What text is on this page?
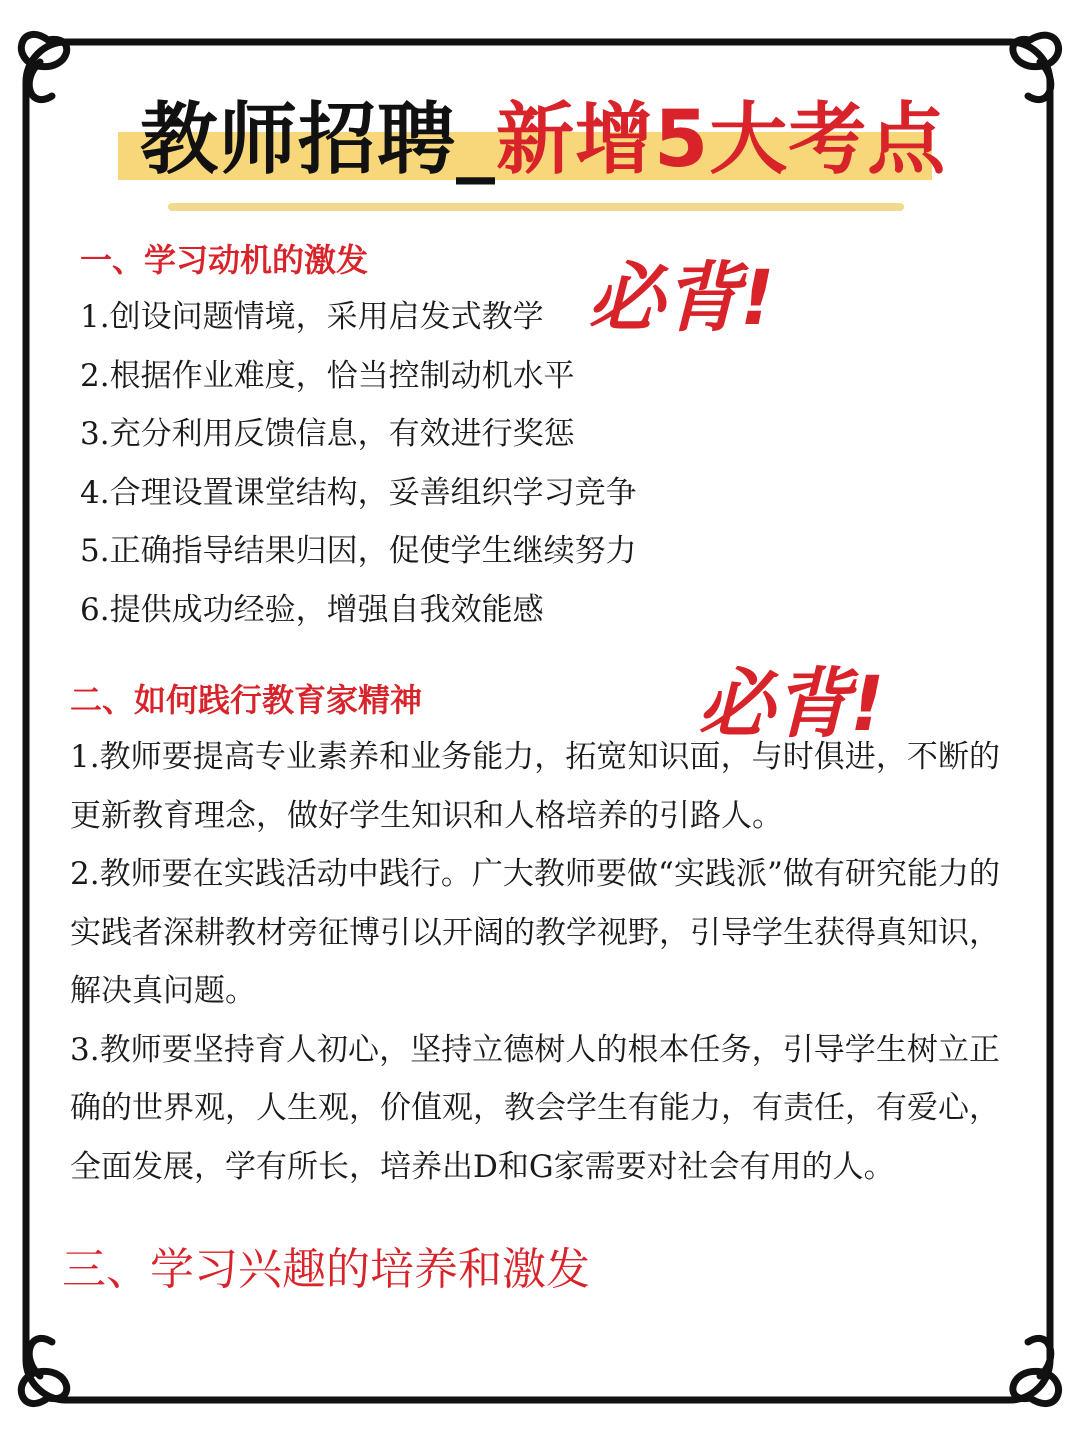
教师招聘_新增5大考点
一、学习动机的激发
1.创设问题情境，采用启发式教学
2.根据作业难度，恰当控制动机水平
3.充分利用反馈信息，有效进行奖惩
4.合理设置课堂结构，妥善组织学习竞争
5.正确指导结果归因，促使学生继续努力
6.提供成功经验，增强自我效能感
必背!
二、如何践行教育家精神	必背!

1.教师要提高专业素养和业务能力，拓宽知识面，与时俱进，不断的更新教育理念，做好学生知识和人格培养的引路人。

2.教师要在实践活动中践行。广大教师要做“实践派”做有研究能力的实践者深耕教材旁征博引以开阔的教学视野，引导学生获得真知识，解决真问题。

3.教师要坚持育人初心，坚持立德树人的根本任务，引导学生树立正确的世界观，人生观，价值观，教会学生有能力，有责任，有爱心，全面发展，学有所长，培养出D和G家需要对社会有用的人。

三、学习兴趣的培养和激发
